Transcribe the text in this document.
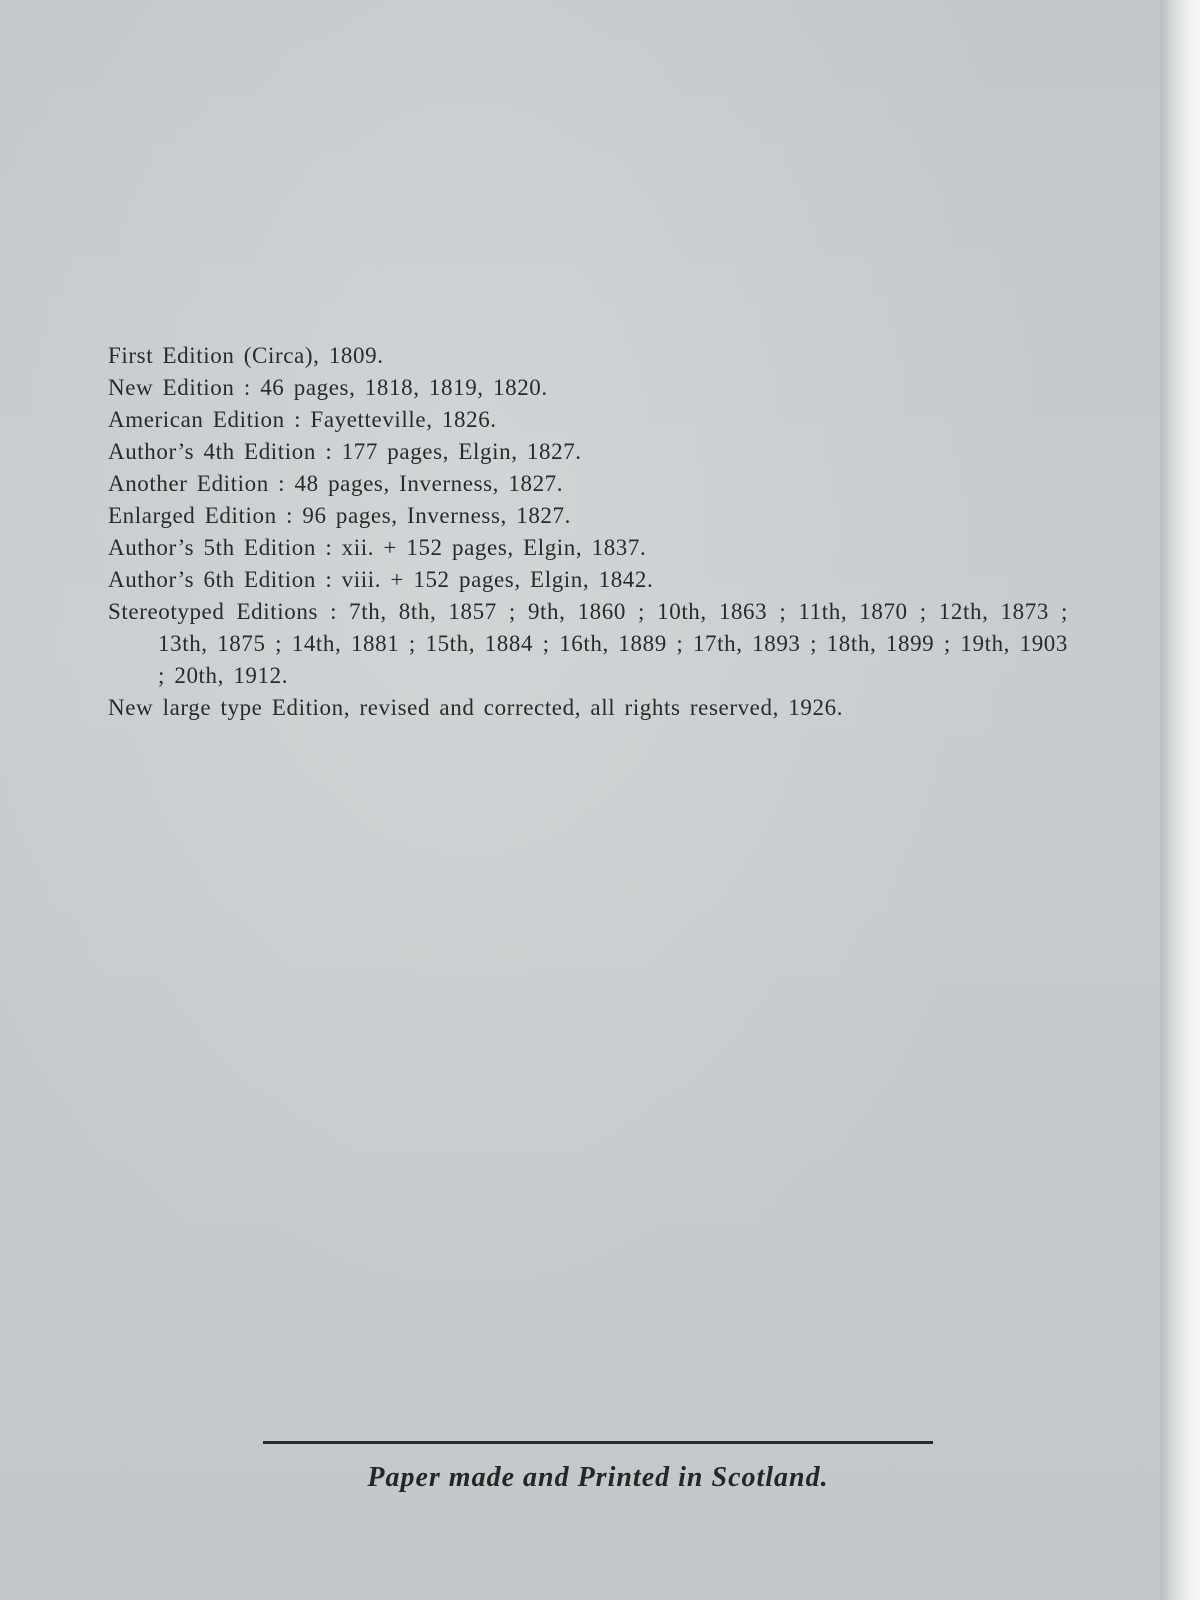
First Edition (Circa), 1809.
New Edition : 46 pages, 1818, 1819, 1820.
American Edition : Fayetteville, 1826.
Author’s 4th Edition : 177 pages, Elgin, 1827.
Another Edition : 48 pages, Inverness, 1827.
Enlarged Edition : 96 pages, Inverness, 1827.
Author’s 5th Edition : xii. + 152 pages, Elgin, 1837.
Author’s 6th Edition : viii. + 152 pages, Elgin, 1842.
Stereotyped Editions : 7th, 8th, 1857 ; 9th, 1860 ; 10th, 1863 ; 11th, 1870 ; 12th, 1873 ; 13th, 1875 ; 14th, 1881 ; 15th, 1884 ; 16th, 1889 ; 17th, 1893 ; 18th, 1899 ; 19th, 1903 ; 20th, 1912.
New large type Edition, revised and corrected, all rights reserved, 1926.
Paper made and Printed in Scotland.
